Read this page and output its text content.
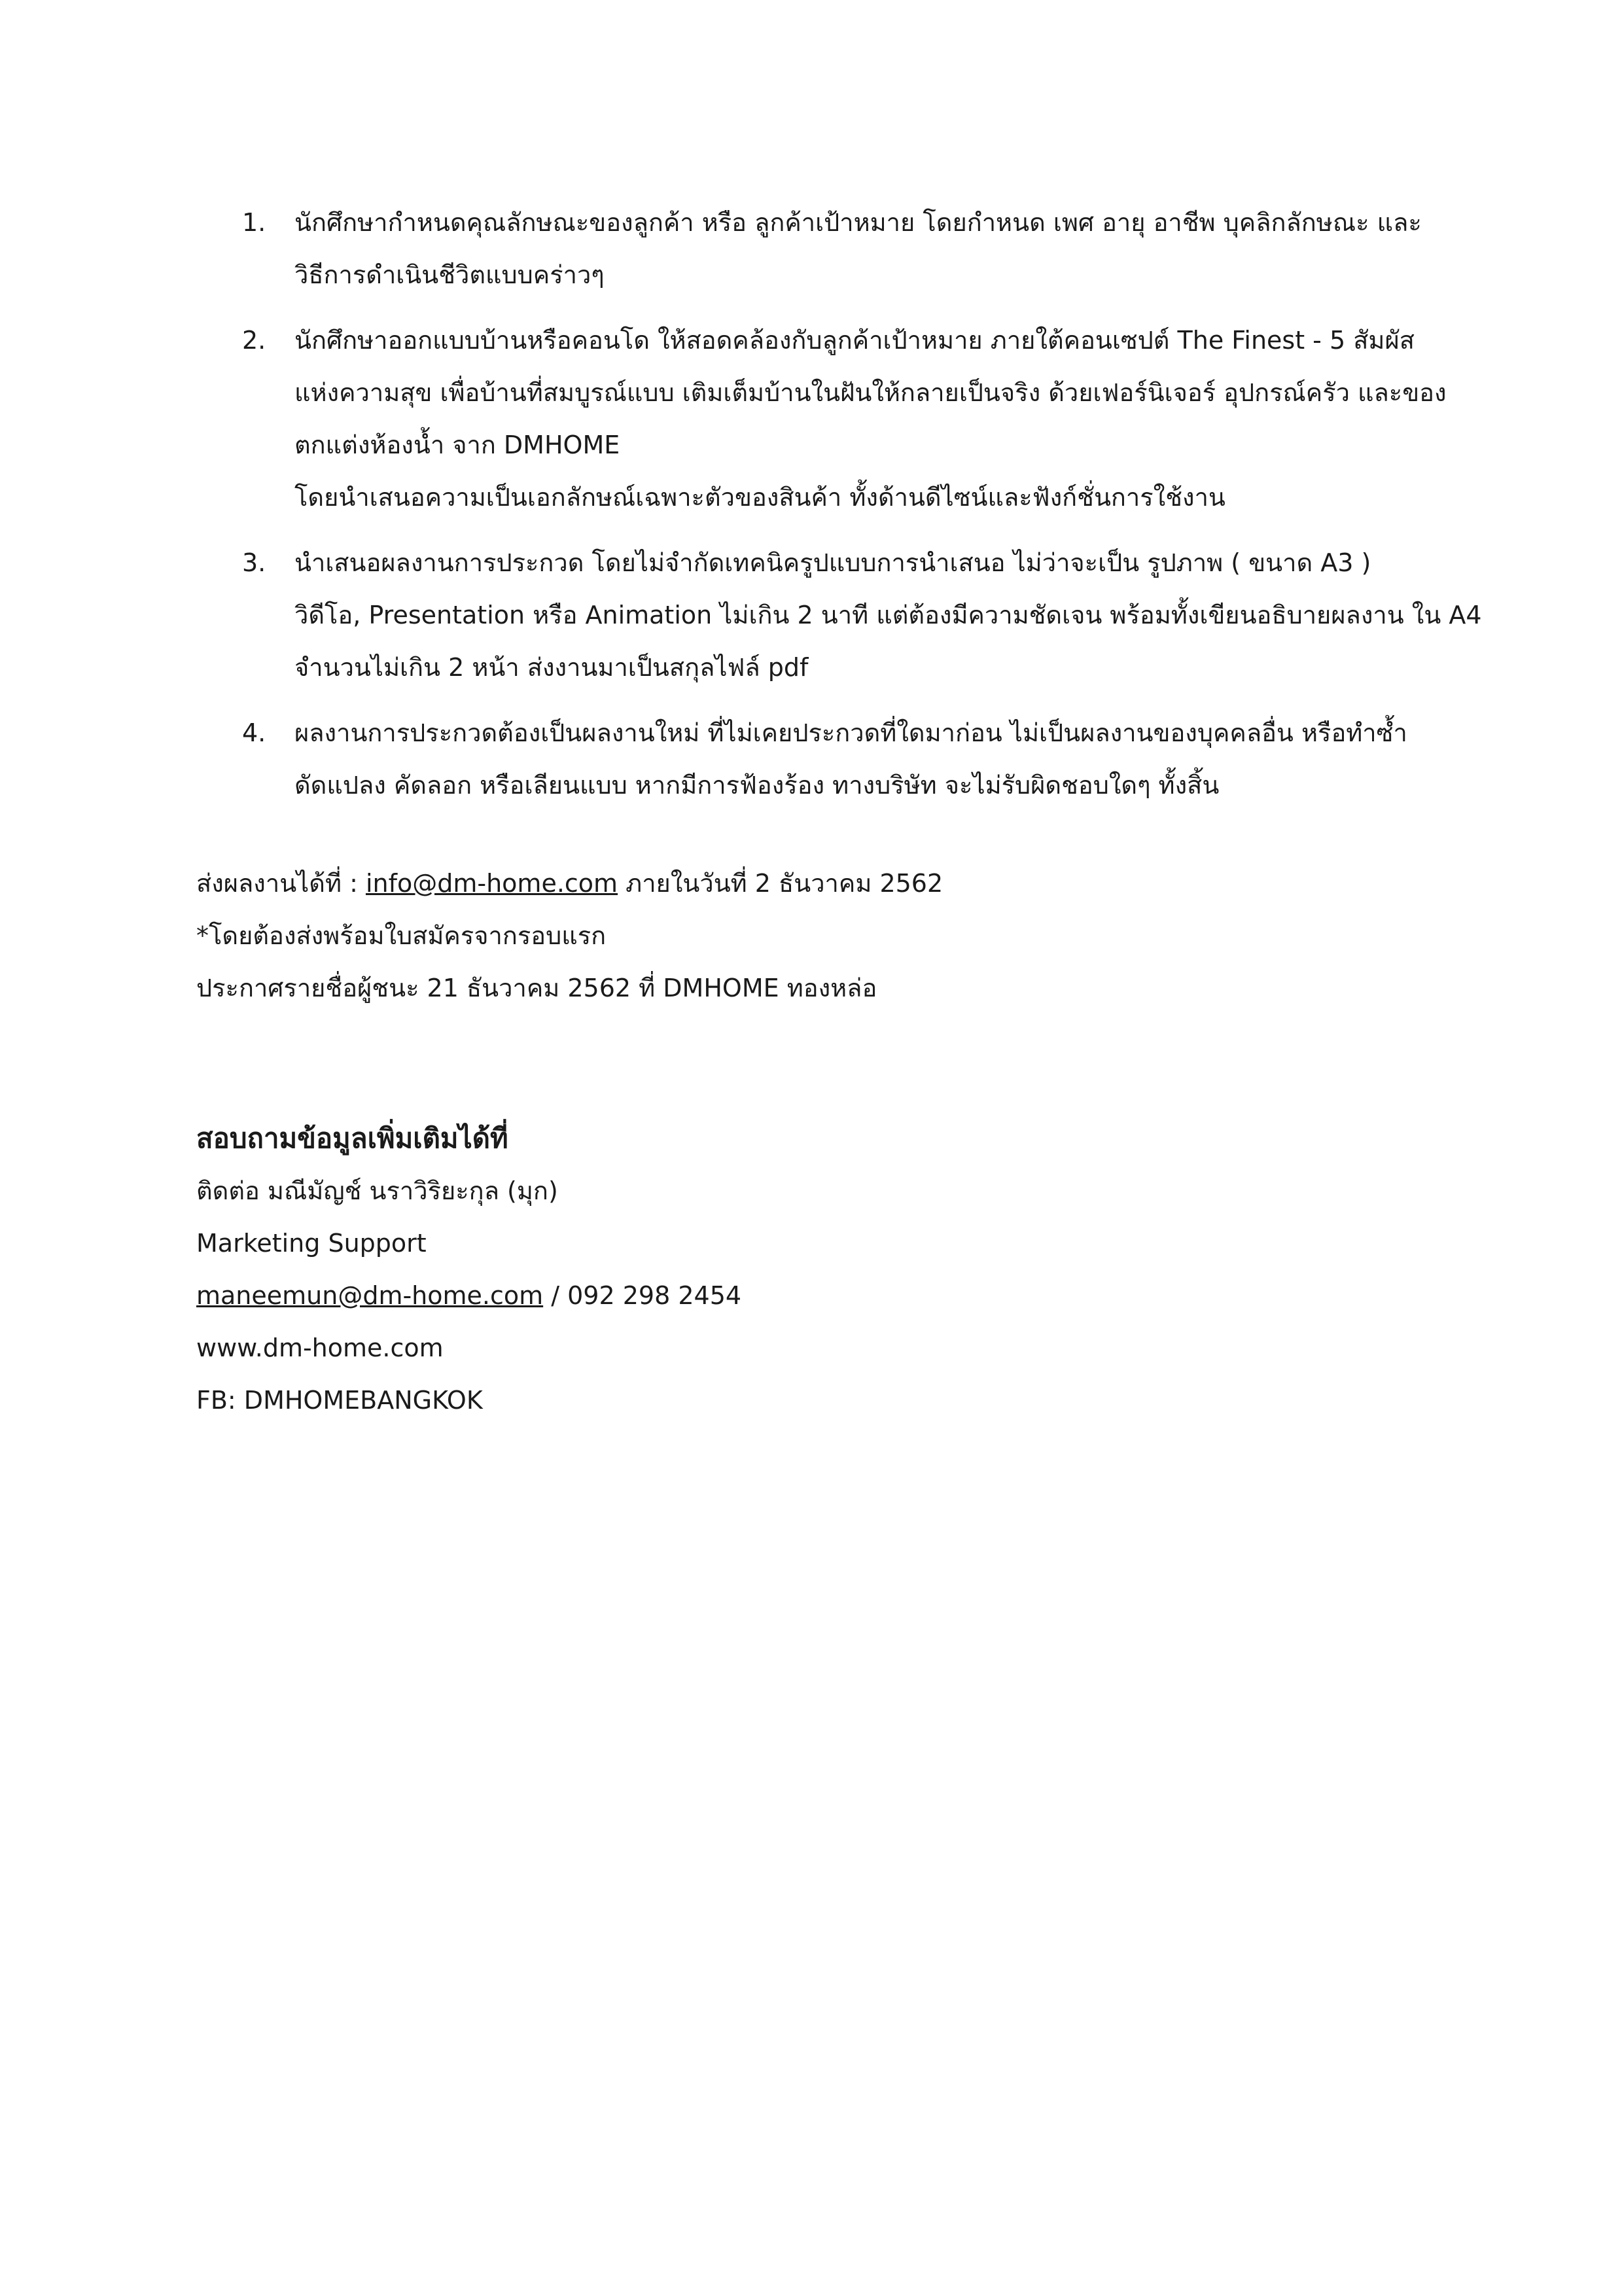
1.	นักศึกษากำหนดคุณลักษณะของลูกค้า หรือ ลูกค้าเป้าหมาย โดยกำหนด เพศ อายุ อาชีพ บุคลิกลักษณะ และ
วิธีการดำเนินชีวิตแบบคร่าวๆ
2.	นักศึกษาออกแบบบ้านหรือคอนโด ให้สอดคล้องกับลูกค้าเป้าหมาย ภายใต้คอนเซปต์ The Finest - 5 สัมผัส
แห่งความสุข เพื่อบ้านที่สมบูรณ์แบบ เติมเต็มบ้านในฝันให้กลายเป็นจริง ด้วยเฟอร์นิเจอร์ อุปกรณ์ครัว และของ
ตกแต่งห้องน้ำ จาก DMHOME
โดยนำเสนอความเป็นเอกลักษณ์เฉพาะตัวของสินค้า ทั้งด้านดีไซน์และฟังก์ชั่นการใช้งาน
3.	นำเสนอผลงานการประกวด โดยไม่จำกัดเทคนิครูปแบบการนำเสนอ ไม่ว่าจะเป็น รูปภาพ ( ขนาด A3 )
วิดีโอ, Presentation หรือ Animation ไม่เกิน 2 นาที แต่ต้องมีความชัดเจน พร้อมทั้งเขียนอธิบายผลงาน ใน A4
จำนวนไม่เกิน 2 หน้า ส่งงานมาเป็นสกุลไฟล์ pdf
4.	ผลงานการประกวดต้องเป็นผลงานใหม่ ที่ไม่เคยประกวดที่ใดมาก่อน ไม่เป็นผลงานของบุคคลอื่น หรือทำซ้ำ
ดัดแปลง คัดลอก หรือเลียนแบบ หากมีการฟ้องร้อง ทางบริษัท จะไม่รับผิดชอบใดๆ ทั้งสิ้น
ส่งผลงานได้ที่ : info@dm-home.com ภายในวันที่ 2 ธันวาคม 2562
*โดยต้องส่งพร้อมใบสมัครจากรอบแรก
ประกาศรายชื่อผู้ชนะ 21 ธันวาคม 2562 ที่ DMHOME ทองหล่อ
สอบถามข้อมูลเพิ่มเติมได้ที่
ติดต่อ มณีมัญช์ นราวิริยะกุล (มุก)
Marketing Support
maneemun@dm-home.com / 092 298 2454
www.dm-home.com
FB: DMHOMEBANGKOK
